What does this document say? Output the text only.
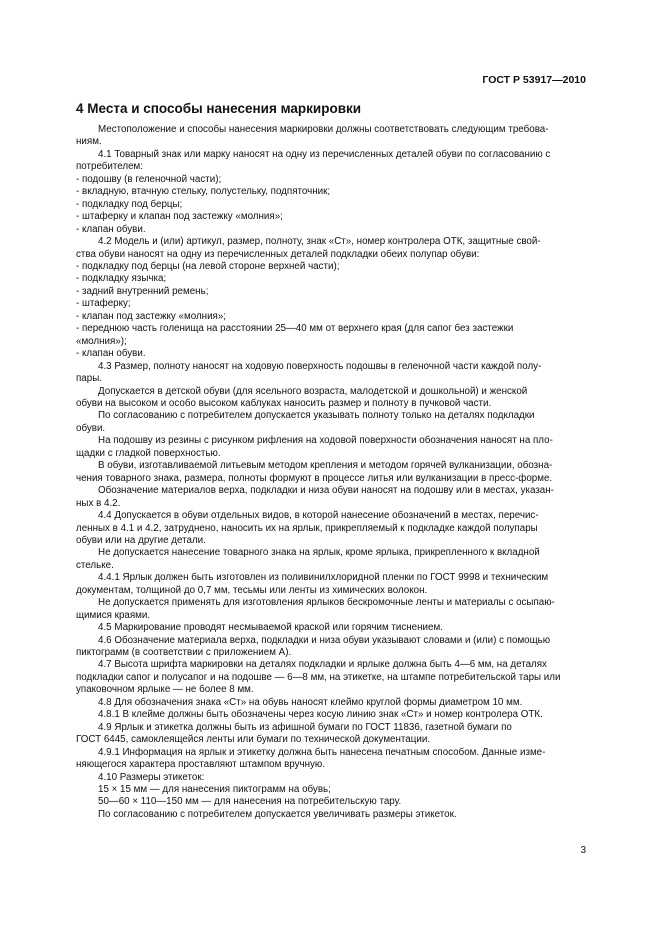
ГОСТ Р 53917—2010
4 Места и способы нанесения маркировки

Местоположение и способы нанесения маркировки должны соответствовать следующим требова-

ниям.

4.1 Товарный знак или марку наносят на одну из перечисленных деталей обуви по согласованию с

потребителем:

- подошву (в геленочной части);

- вкладную, втачную стельку, полустельку, подпяточник;

- подкладку под берцы;

- штаферку и клапан под застежку «молния»;

- клапан обуви.

4.2 Модель и (или) артикул, размер, полноту, знак «Ст», номер контролера ОТК, защитные свой-

ства обуви наносят на одну из перечисленных деталей подкладки обеих полупар обуви:

- подкладку под берцы (на левой стороне верхней части);

- подкладку язычка;

- задний внутренний ремень;

- штаферку;

- клапан под застежку «молния»;

- переднюю часть голенища на расстоянии 25—40 мм от верхнего края (для сапог без застежки

«молния»);

- клапан обуви.

4.3 Размер, полноту наносят на ходовую поверхность подошвы в геленочной части каждой полу-

пары.

Допускается в детской обуви (для ясельного возраста, малодетской и дошкольной) и женской

обуви на высоком и особо высоком каблуках наносить размер и полноту в пучковой части.

По согласованию с потребителем допускается указывать полноту только на деталях подкладки

обуви.

На подошву из резины с рисунком рифления на ходовой поверхности обозначения наносят на пло-

щадки с гладкой поверхностью.

В обуви, изготавливаемой литьевым методом крепления и методом горячей вулканизации, обозна-

чения товарного знака, размера, полноты формуют в процессе литья или вулканизации в пресс-форме.

Обозначение материалов верха, подкладки и низа обуви наносят на подошву или в местах, указан-

ных в 4.2.

4.4 Допускается в обуви отдельных видов, в которой нанесение обозначений в местах, перечис-

ленных в 4.1 и 4.2, затруднено, наносить их на ярлык, прикрепляемый к подкладке каждой полупары

обуви или на другие детали.

Не допускается нанесение товарного знака на ярлык, кроме ярлыка, прикрепленного к вкладной

стельке.

4.4.1 Ярлык должен быть изготовлен из поливинилхлоридной пленки по ГОСТ 9998 и техническим

документам, толщиной до 0,7 мм, тесьмы или ленты из химических волокон.

Не допускается применять для изготовления ярлыков бескромочные ленты и материалы с осыпаю-

щимися краями.

4.5 Маркирование проводят несмываемой краской или горячим тиснением.

4.6 Обозначение материала верха, подкладки и низа обуви указывают словами и (или) с помощью

пиктограмм (в соответствии с приложением А).

4.7 Высота шрифта маркировки на деталях подкладки и ярлыке должна быть 4—6 мм, на деталях

подкладки сапог и полусапог и на подошве — 6—8 мм, на этикетке, на штампе потребительской тары или

упаковочном ярлыке — не более 8 мм.

4.8 Для обозначения знака «Ст» на обувь наносят клеймо круглой формы диаметром 10 мм.

4.8.1 В клейме должны быть обозначены через косую линию знак «Ст» и номер контролера ОТК.

4.9 Ярлык и этикетка должны быть из афишной бумаги по ГОСТ 11836, газетной бумаги по

ГОСТ 6445, самоклеящейся ленты или бумаги по технической документации.

4.9.1 Информация на ярлык и этикетку должна быть нанесена печатным способом. Данные изме-

няющегося характера проставляют штампом вручную.

4.10 Размеры этикеток:

15 × 15 мм — для нанесения пиктограмм на обувь;

50—60 × 110—150 мм — для нанесения на потребительскую тару.

По согласованию с потребителем допускается увеличивать размеры этикеток.

3
